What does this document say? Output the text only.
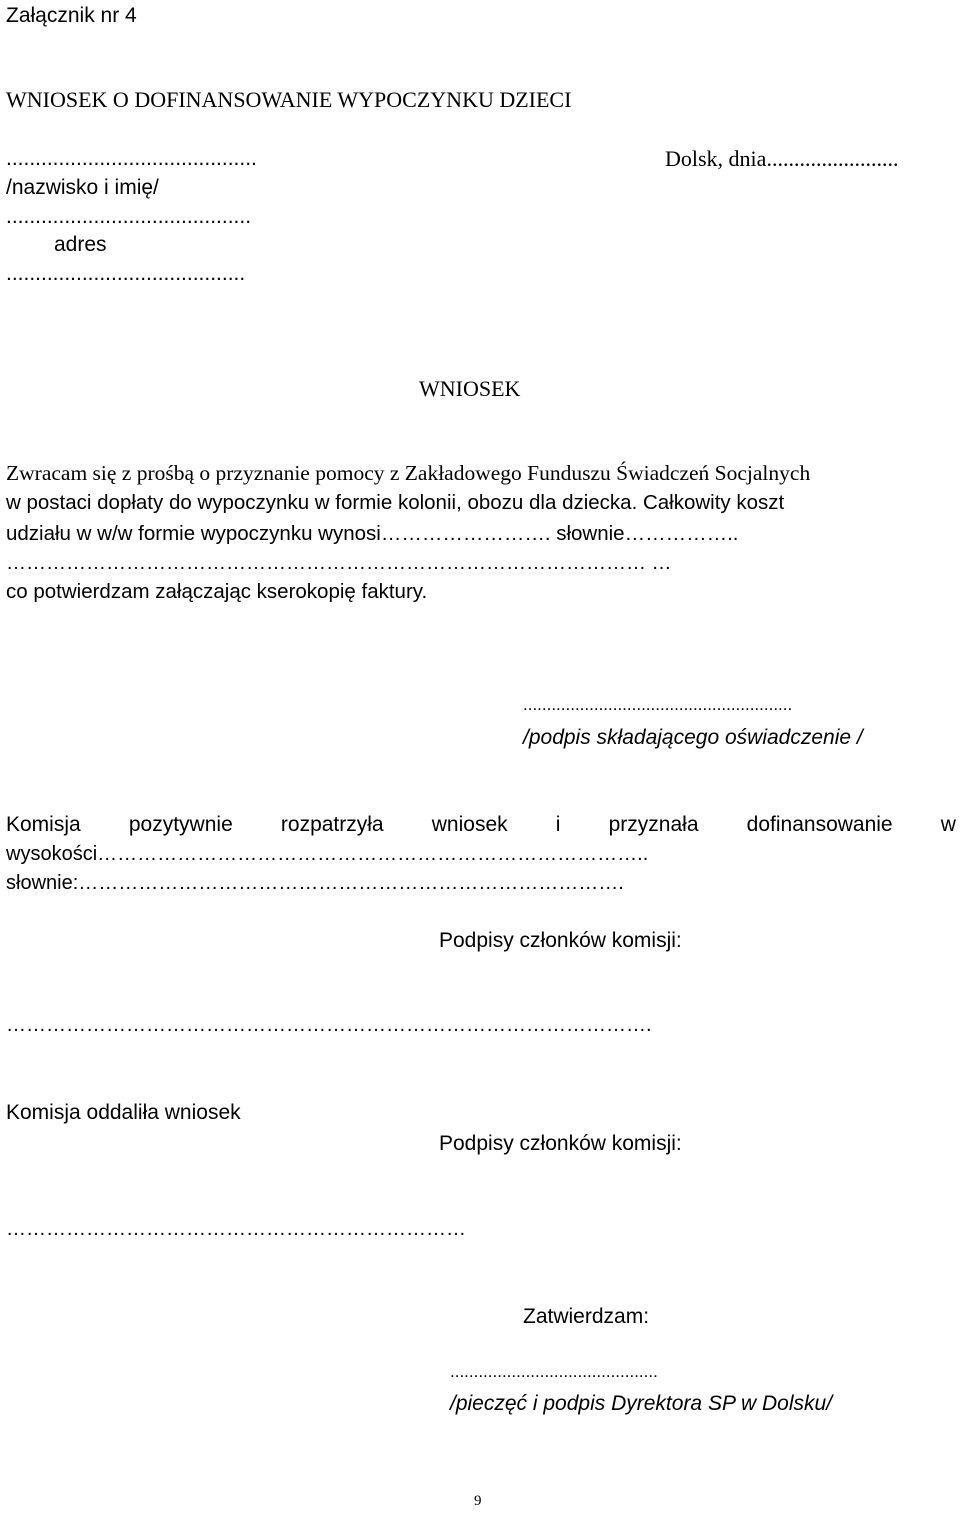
Załącznik nr 4
WNIOSEK O DOFINANSOWANIE WYPOCZYNKU DZIECI
...........................................	Dolsk, dnia........................
/nazwisko i imię/
..........................................
adres
.........................................
WNIOSEK
Zwracam się z prośbą o przyznanie pomocy z Zakładowego Funduszu Świadczeń Socjalnych
w postaci dopłaty do wypoczynku w formie kolonii, obozu dla dziecka. Całkowity koszt
udziału w w/w formie wypoczynku wynosi……………………. słownie……………..
…………………………………………………………………………………… …
co potwierdzam załączając kserokopię faktury.
.........................................................
/podpis składającego oświadczenie /
Komisja pozytywnie rozpatrzyła wniosek i przyznała dofinansowanie w
wysokości………………………………………………………………………..
słownie:……………………………………………………………………….
Podpisy członków komisji:
…………………………………………………………………………………….
Komisja oddaliła wniosek
Podpisy członków komisji:
……………………………………………………………
Zatwierdzam:
............................................
/pieczęć i podpis Dyrektora SP w Dolsku/
9
